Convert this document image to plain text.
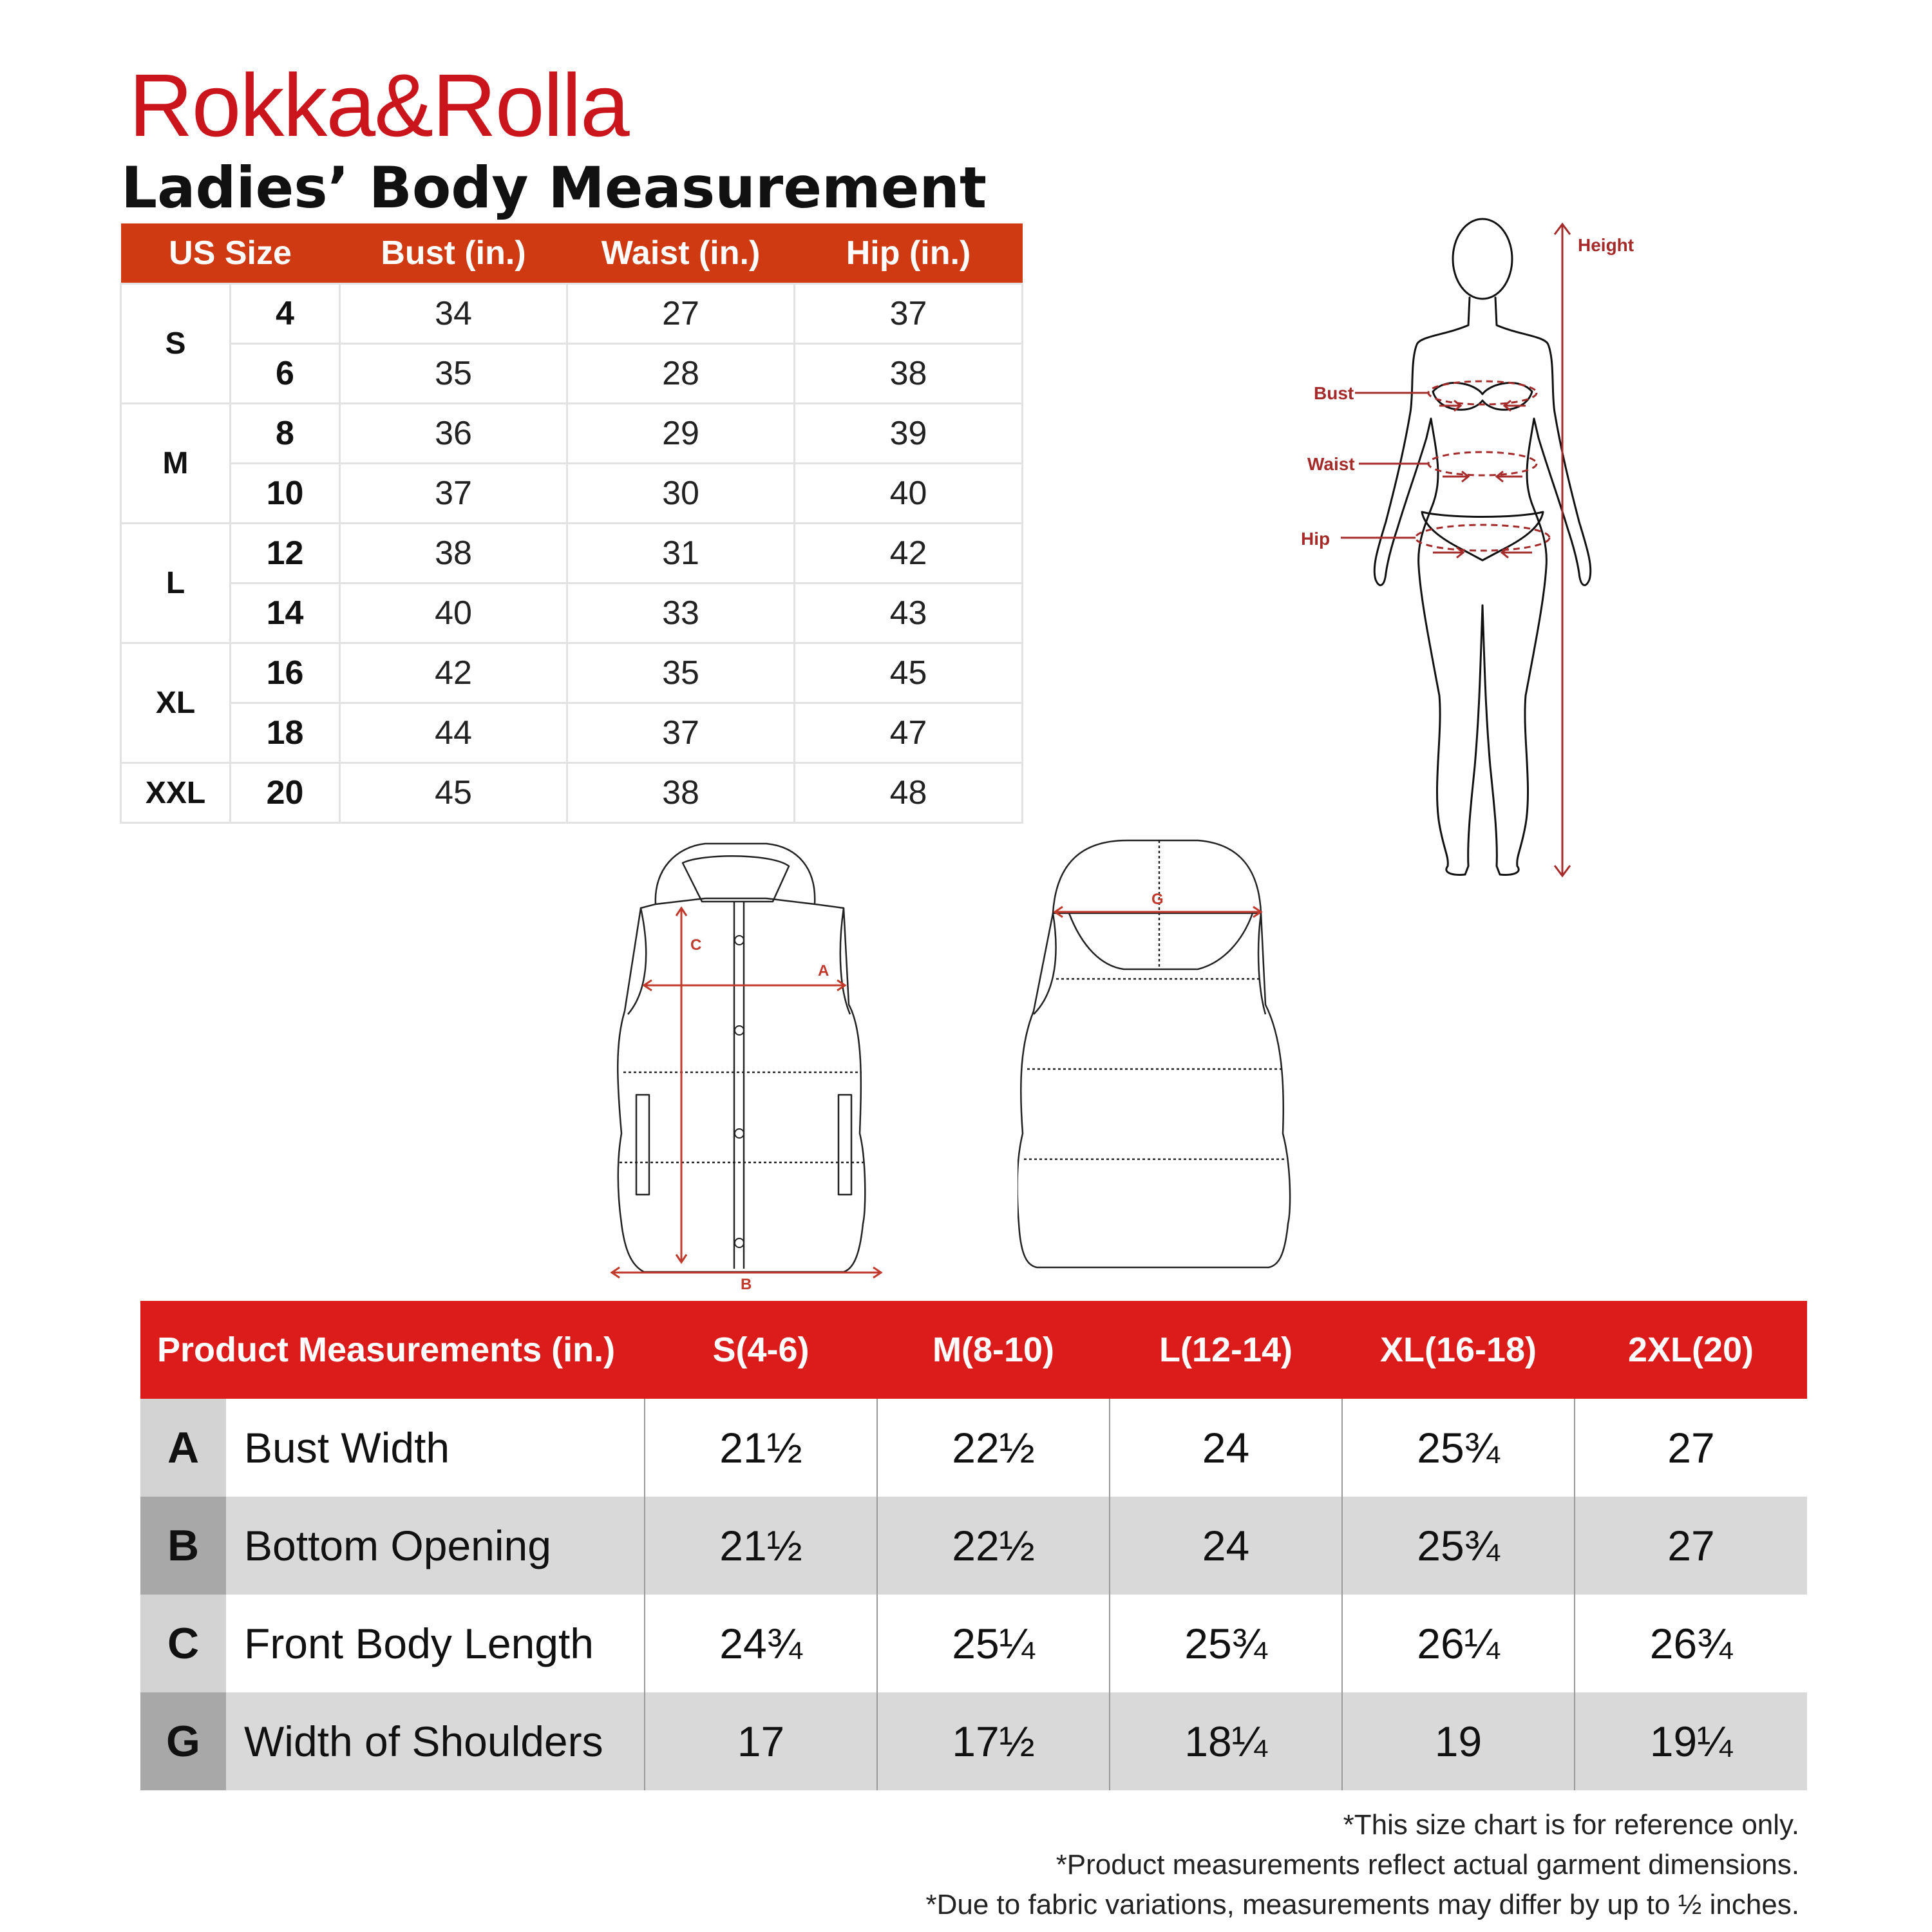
Rokka&Rolla
Ladies’ Body Measurement
US Size		Bust (in.)	Waist (in.)	Hip (in.)
S	4	34	27	37
	6	35	28	38
M	8	36	29	39
	10	37	30	40
L	12	38	31	42
	14	40	33	43
XL	16	42	35	45
	18	44	37	47
XXL	20	45	38	48
Height
Bust
Waist
Hip
A
C
B
G
Product Measurements (in.)		S(4-6)	M(8-10)	L(12-14)	XL(16-18)	2XL(20)
A	Bust Width	21½	22½	24	25¾	27
B	Bottom Opening	21½	22½	24	25¾	27
C	Front Body Length	24¾	25¼	25¾	26¼	26¾
G	Width of Shoulders	17	17½	18¼	19	19¼
*This size chart is for reference only.
*Product measurements reflect actual garment dimensions.
*Due to fabric variations, measurements may differ by up to ½ inches.
